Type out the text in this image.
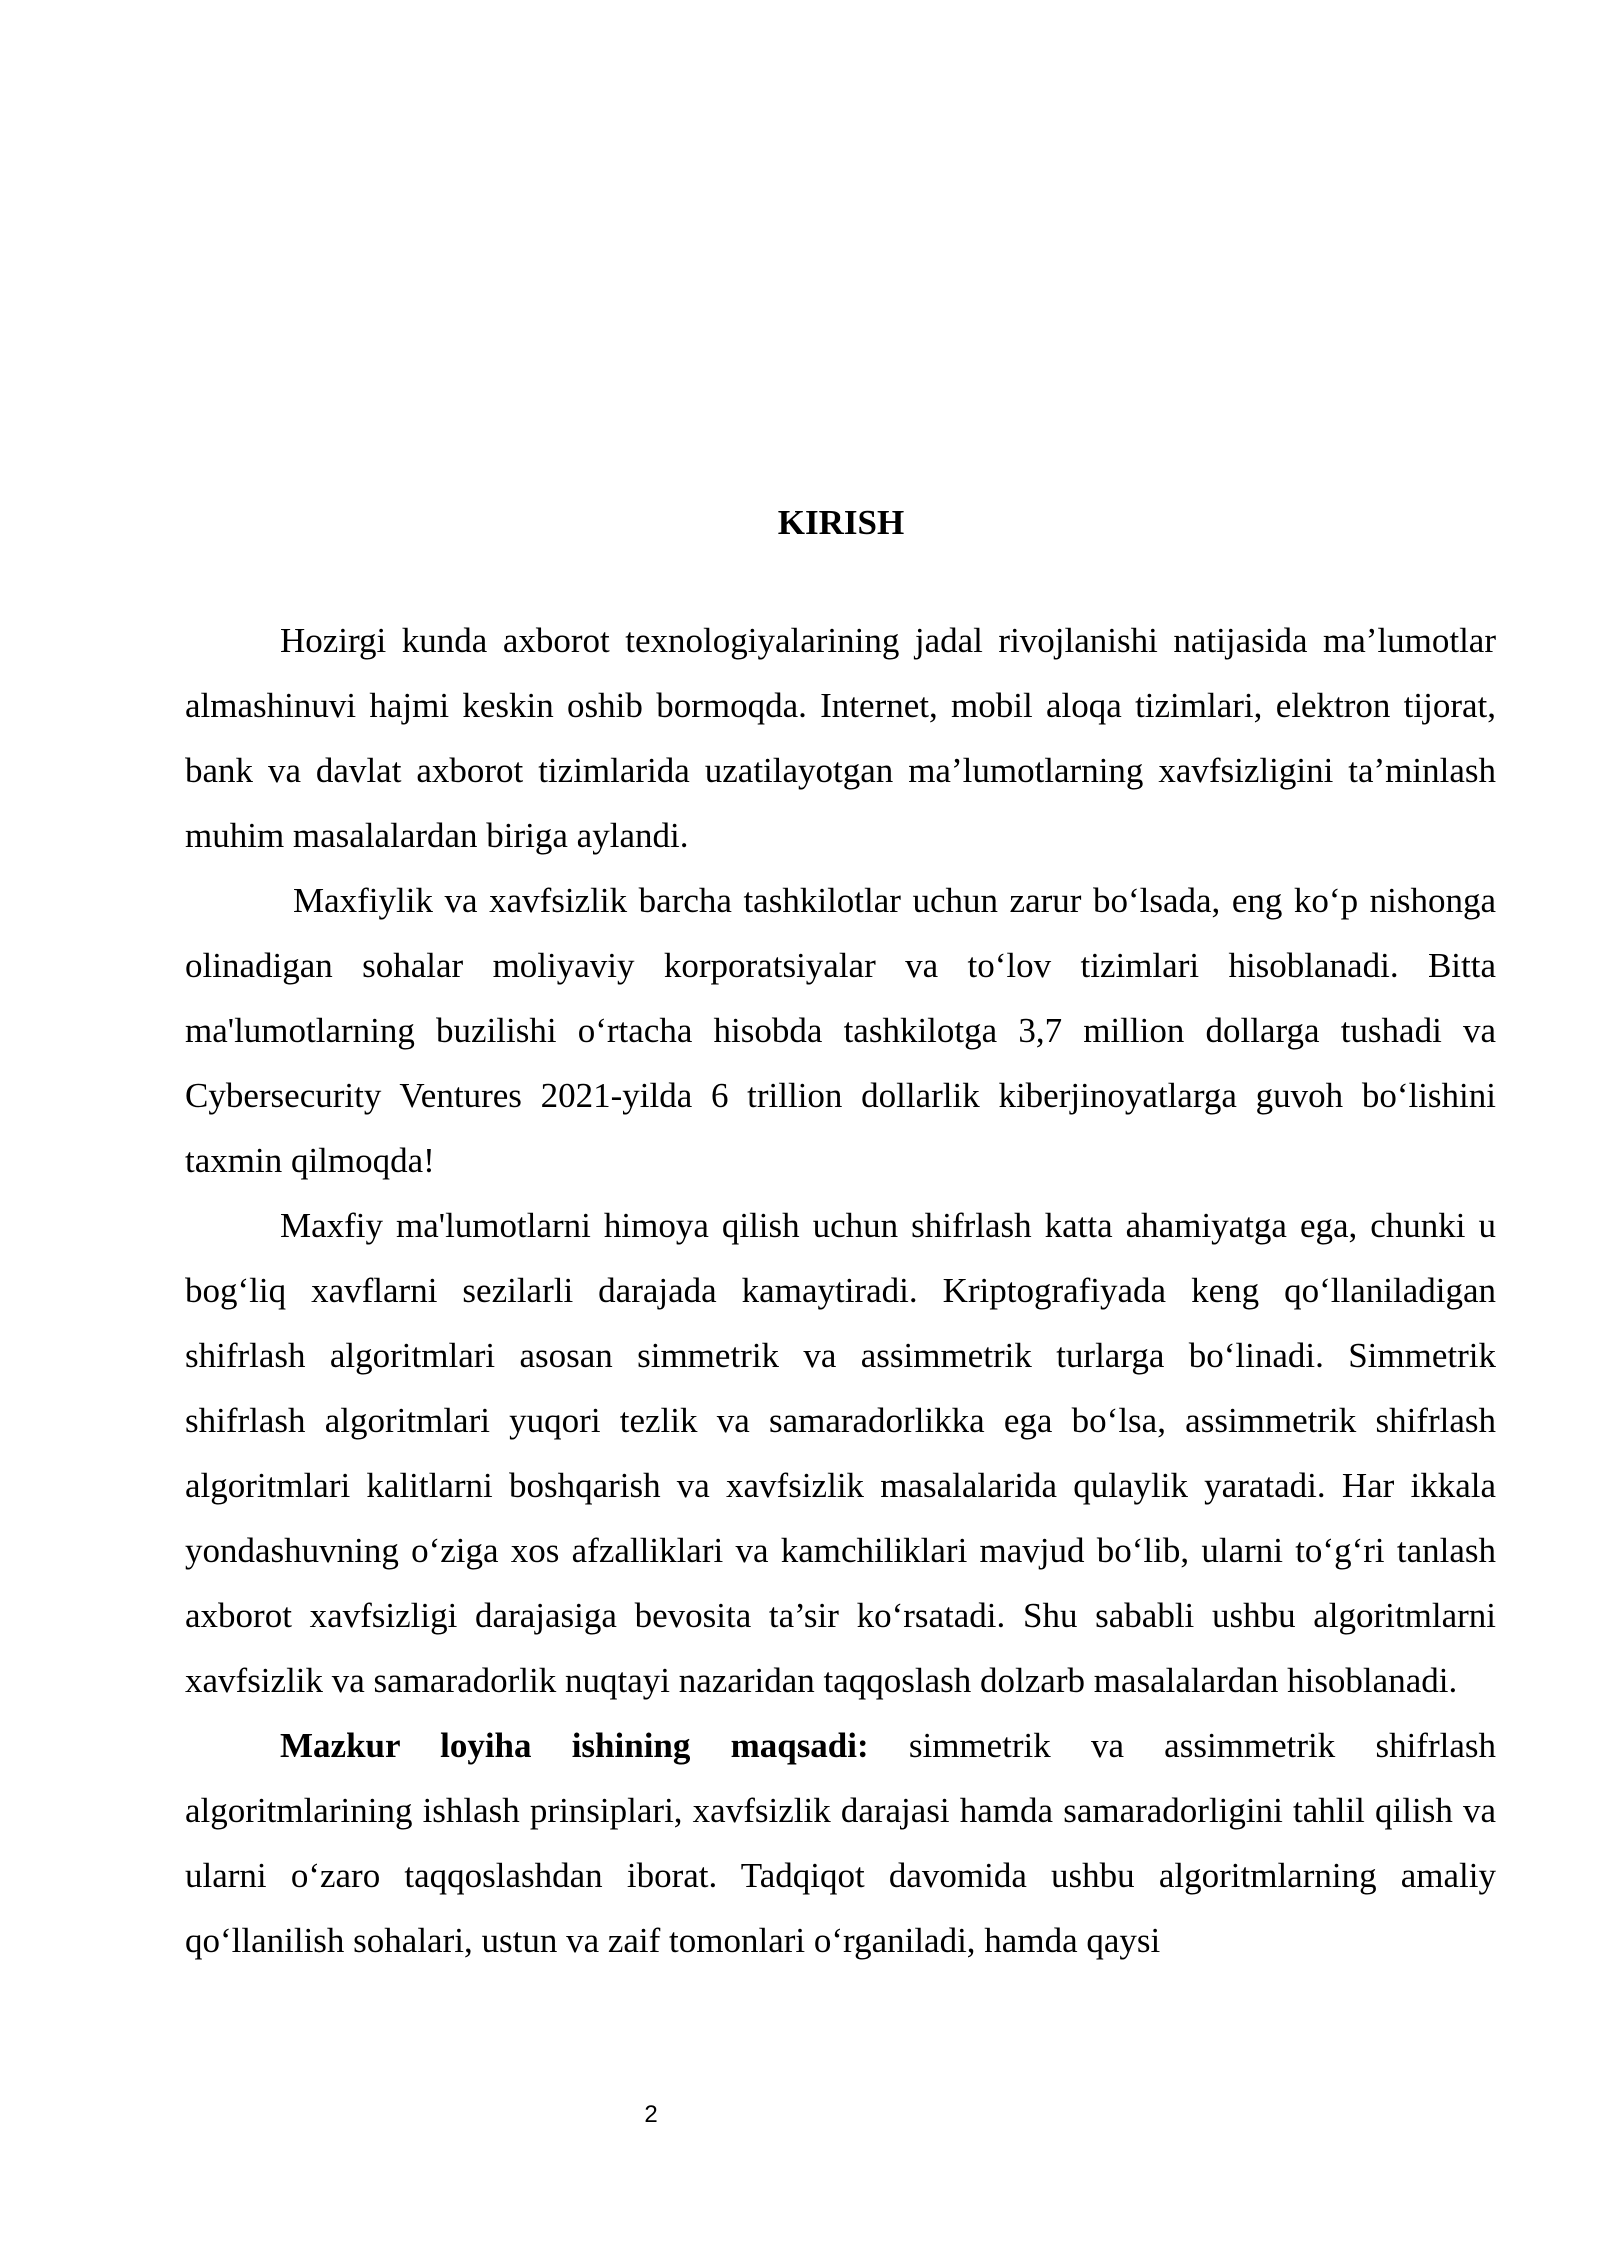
KIRISH

Hozirgi kunda axborot texnologiyalarining jadal rivojlanishi natijasida ma’lumotlar almashinuvi hajmi keskin oshib bormoqda. Internet, mobil aloqa tizimlari, elektron tijorat, bank va davlat axborot tizimlarida uzatilayotgan ma’lumotlarning xavfsizligini ta’minlash muhim masalalardan biriga aylandi.

Maxfiylik va xavfsizlik barcha tashkilotlar uchun zarur bo‘lsada, eng ko‘p nishonga olinadigan sohalar moliyaviy korporatsiyalar va to‘lov tizimlari hisoblanadi. Bitta ma'lumotlarning buzilishi o‘rtacha hisobda tashkilotga 3,7 million dollarga tushadi va Cybersecurity Ventures 2021-yilda 6 trillion dollarlik kiberjinoyatlarga guvoh bo‘lishini taxmin qilmoqda!

Maxfiy ma'lumotlarni himoya qilish uchun shifrlash katta ahamiyatga ega, chunki u bog‘liq xavflarni sezilarli darajada kamaytiradi. Kriptografiyada keng qo‘llaniladigan shifrlash algoritmlari asosan simmetrik va assimmetrik turlarga bo‘linadi. Simmetrik shifrlash algoritmlari yuqori tezlik va samaradorlikka ega bo‘lsa, assimmetrik shifrlash algoritmlari kalitlarni boshqarish va xavfsizlik masalalarida qulaylik yaratadi. Har ikkala yondashuvning o‘ziga xos afzalliklari va kamchiliklari mavjud bo‘lib, ularni to‘g‘ri tanlash axborot xavfsizligi darajasiga bevosita ta’sir ko‘rsatadi. Shu sababli ushbu algoritmlarni xavfsizlik va samaradorlik nuqtayi nazaridan taqqoslash dolzarb masalalardan hisoblanadi.

Mazkur loyiha ishining maqsadi: simmetrik va assimmetrik shifrlash algoritmlarining ishlash prinsiplari, xavfsizlik darajasi hamda samaradorligini tahlil qilish va ularni o‘zaro taqqoslashdan iborat. Tadqiqot davomida ushbu algoritmlarning amaliy qo‘llanilish sohalari, ustun va zaif tomonlari o‘rganiladi, hamda qaysi

2
